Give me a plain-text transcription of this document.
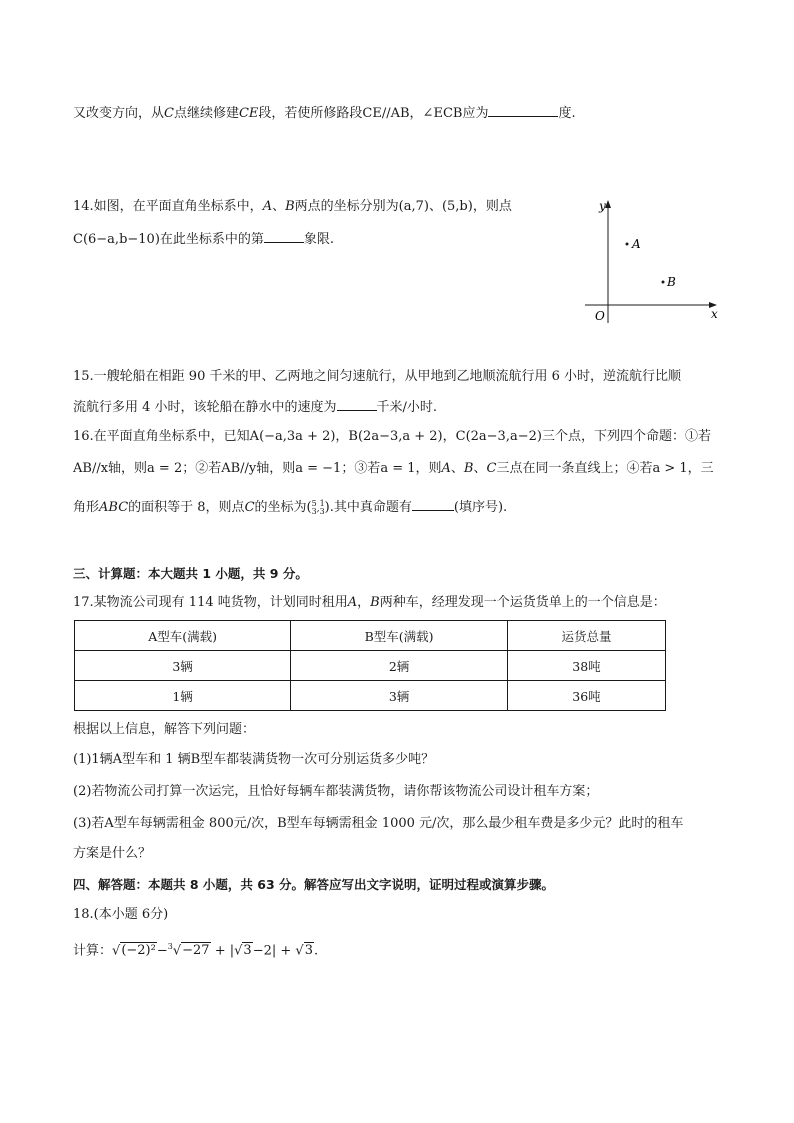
又改变方向，从C点继续修建CE段，若使所修路段CE//AB，∠ECB应为	度.
14.如图，在平面直角坐标系中，A、B两点的坐标分别为(a,7)、(5,b)，则点
C(6−a,b−10)在此坐标系中的第	象限.
x
y
O
A
B
15.一艘轮船在相距 90 千米的甲、乙两地之间匀速航行，从甲地到乙地顺流航行用 6 小时，逆流航行比顺
流航行多用 4 小时，该轮船在静水中的速度为	千米/小时.
16.在平面直角坐标系中，已知A(−a,3a + 2)，B(2a−3,a + 2)，C(2a−3,a−2)三个点，下列四个命题：①若
AB//x轴，则a = 2；②若AB//y轴，则a = −1；③若a = 1，则A、B、C三点在同一条直线上；④若a > 1，三
角形ABC的面积等于 8，则点C的坐标为(5
3,1
3).其中真命题有	(填序号).
三、计算题：本大题共 1 小题，共 9 分。
17.某物流公司现有 114 吨货物，计划同时租用A，B两种车，经理发现一个运货货单上的一个信息是：
A型车(满载)	B型车(满载)	运货总量
3辆	2辆	38吨
1辆	3辆	36吨
根据以上信息，解答下列问题：
(1)1辆A型车和 1 辆B型车都装满货物一次可分别运货多少吨？
(2)若物流公司打算一次运完，且恰好每辆车都装满货物，请你帮该物流公司设计租车方案；
(3)若A型车每辆需租金 800元/次，B型车每辆需租金 1000 元/次，那么最少租车费是多少元？此时的租车
方案是什么？
四、解答题：本题共 8 小题，共 63 分。解答应写出文字说明，证明过程或演算步骤。
18.(本小题 6分)
计算：√(−2)²−$^3$√−27 + |√3−2| + √3.
